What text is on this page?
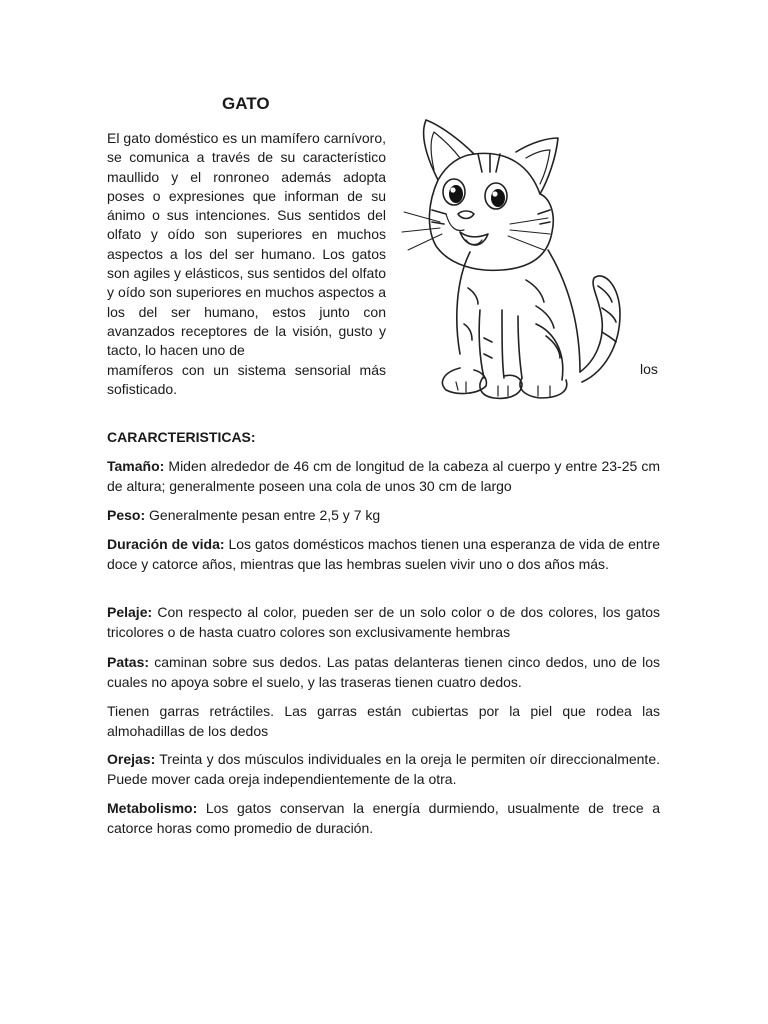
GATO

El gato doméstico es un mamífero carnívoro, se comunica a través de su característico maullido y el ronroneo además adopta poses o expresiones que informan de su ánimo o sus intenciones. Sus sentidos del olfato y oído son superiores en muchos aspectos a los del ser humano. Los gatos son agiles y elásticos, sus sentidos del olfato y oído son superiores en muchos aspectos a los del ser humano, estos junto con avanzados receptores de la visión, gusto y tacto, lo hacen uno de
mamíferos con un sistema sensorial más sofisticado.

los
CARARCTERISTICAS:

Tamaño: Miden alrededor de 46 cm de longitud de la cabeza al cuerpo y entre 23-25 cm de altura; generalmente poseen una cola de unos 30 cm de largo

Peso: Generalmente pesan entre 2,5 y 7 kg

Duración de vida: Los gatos domésticos machos tienen una esperanza de vida de entre doce y catorce años, mientras que las hembras suelen vivir uno o dos años más.

Pelaje: Con respecto al color, pueden ser de un solo color o de dos colores, los gatos tricolores o de hasta cuatro colores son exclusivamente hembras

Patas: caminan sobre sus dedos. Las patas delanteras tienen cinco dedos, uno de los cuales no apoya sobre el suelo, y las traseras tienen cuatro dedos.

Tienen garras retráctiles. Las garras están cubiertas por la piel que rodea las almohadillas de los dedos

Orejas: Treinta y dos músculos individuales en la oreja le permiten oír direccionalmente. Puede mover cada oreja independientemente de la otra.

Metabolismo: Los gatos conservan la energía durmiendo, usualmente de trece a catorce horas como promedio de duración.
